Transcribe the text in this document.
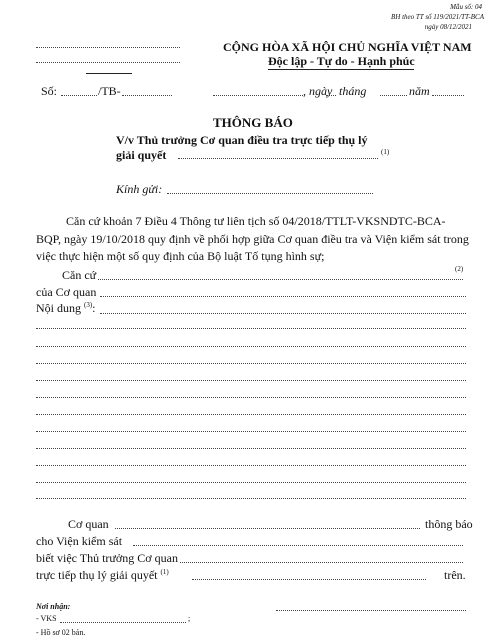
Mẫu số: 04
BH theo TT số 119/2021/TT-BCA
ngày 08/12/2021
CỘNG HÒA XÃ HỘI CHỦ NGHĨA VIỆT NAM
Độc lập - Tự do - Hạnh phúc
Số:	/TB-	, ngày tháng	năm
THÔNG BÁO
V/v Thủ trưởng Cơ quan điều tra trực tiếp thụ lý
giải quyết	(1)
Kính gửi:
Căn cứ khoản 7 Điều 4 Thông tư liên tịch số 04/2018/TTLT-VKSNDTC-BCA-
BQP, ngày 19/10/2018 quy định về phối hợp giữa Cơ quan điều tra và Viện kiểm sát trong
việc thực hiện một số quy định của Bộ luật Tố tụng hình sự;
Căn cứ	(2)
của Cơ quan
Nội dung $^{(3)}$:
Cơ quan	thông báo
cho Viện kiểm sát
biết việc Thủ trưởng Cơ quan
trực tiếp thụ lý giải quyết $^{(1)}$	trên.
Nơi nhận:
- VKS	;
- Hồ sơ 02 bản.
